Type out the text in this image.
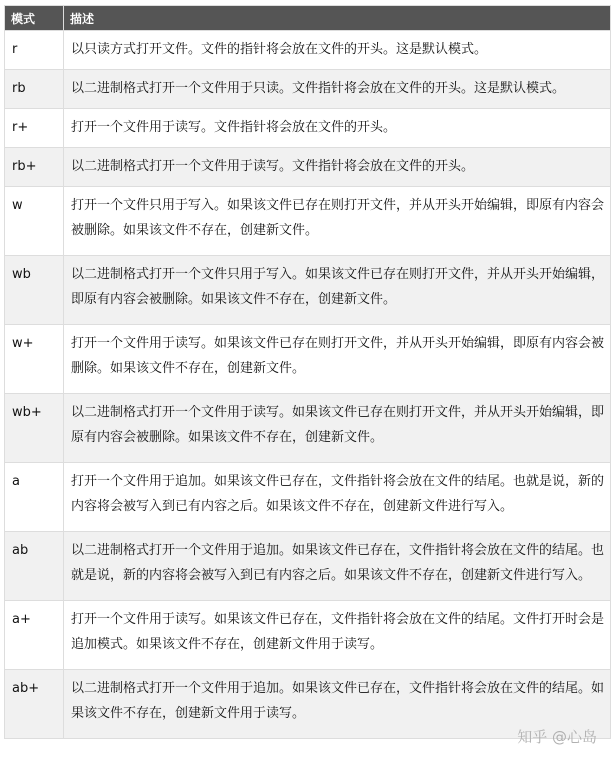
模式	描述
r	以只读方式打开文件。文件的指针将会放在文件的开头。这是默认模式。
rb	以二进制格式打开一个文件用于只读。文件指针将会放在文件的开头。这是默认模式。
r+	打开一个文件用于读写。文件指针将会放在文件的开头。
rb+	以二进制格式打开一个文件用于读写。文件指针将会放在文件的开头。
w	打开一个文件只用于写入。如果该文件已存在则打开文件，并从开头开始编辑，即原有内容会被删除。如果该文件不存在，创建新文件。
wb	以二进制格式打开一个文件只用于写入。如果该文件已存在则打开文件，并从开头开始编辑，即原有内容会被删除。如果该文件不存在，创建新文件。
w+	打开一个文件用于读写。如果该文件已存在则打开文件，并从开头开始编辑，即原有内容会被删除。如果该文件不存在，创建新文件。
wb+	以二进制格式打开一个文件用于读写。如果该文件已存在则打开文件，并从开头开始编辑，即原有内容会被删除。如果该文件不存在，创建新文件。
a	打开一个文件用于追加。如果该文件已存在，文件指针将会放在文件的结尾。也就是说，新的内容将会被写入到已有内容之后。如果该文件不存在，创建新文件进行写入。
ab	以二进制格式打开一个文件用于追加。如果该文件已存在，文件指针将会放在文件的结尾。也就是说，新的内容将会被写入到已有内容之后。如果该文件不存在，创建新文件进行写入。
a+	打开一个文件用于读写。如果该文件已存在，文件指针将会放在文件的结尾。文件打开时会是追加模式。如果该文件不存在，创建新文件用于读写。
ab+	以二进制格式打开一个文件用于追加。如果该文件已存在，文件指针将会放在文件的结尾。如果该文件不存在，创建新文件用于读写。
知乎 @心岛
